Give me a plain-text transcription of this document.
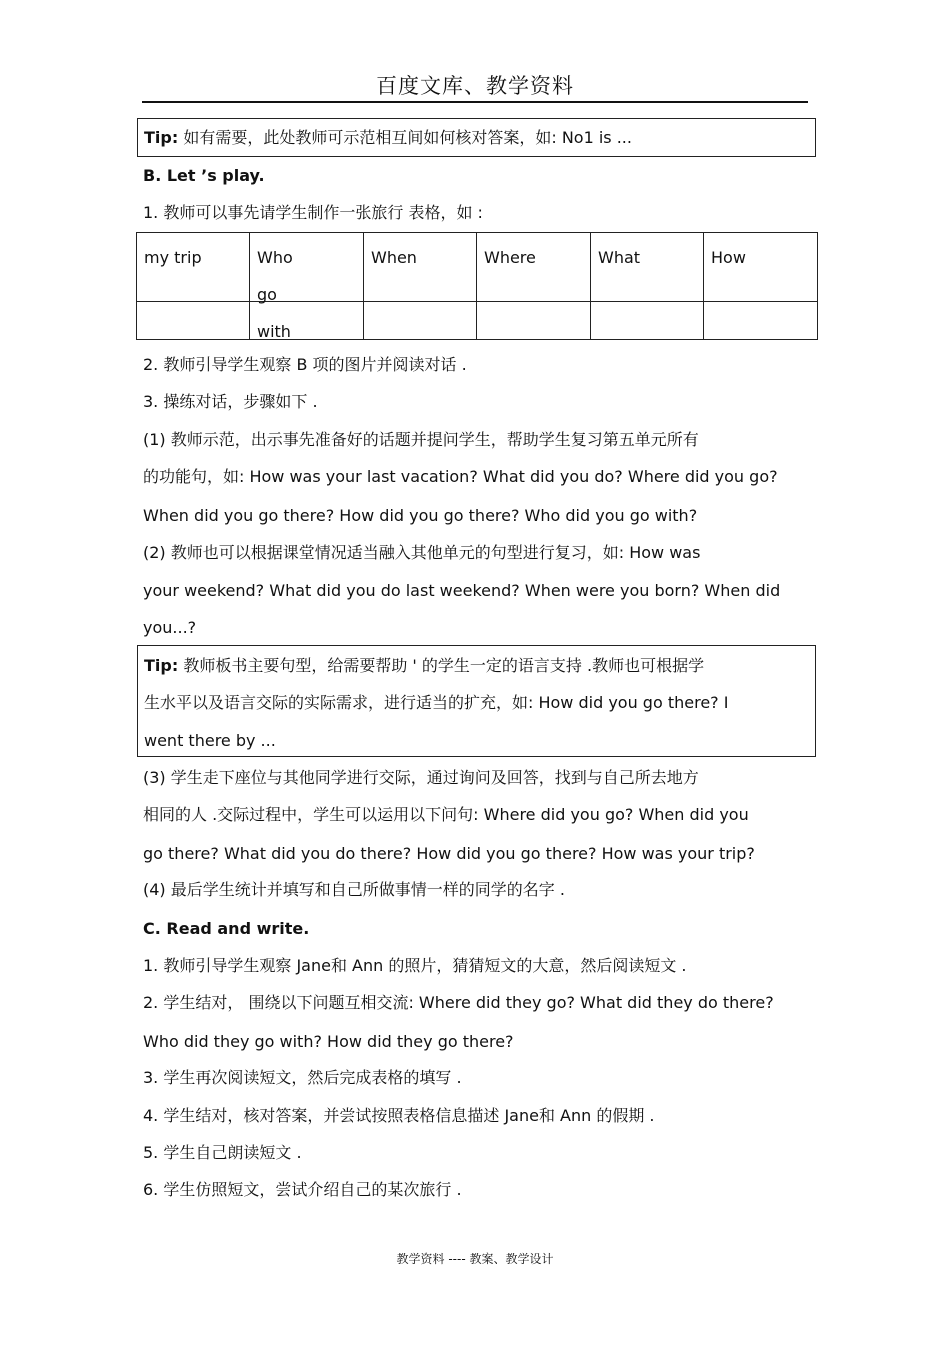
百度文库、教学资料
Tip: 如有需要，此处教师可示范相互间如何核对答案，如: No1 is ...
B. Let ’s play.
1. 教师可以事先请学生制作一张旅行 表格，如 :
my trip	Who go with	When	Where	What	How

2. 教师引导学生观察 B 项的图片并阅读对话 .
3. 操练对话，步骤如下 .
(1) 教师示范，出示事先准备好的话题并提问学生，帮助学生复习第五单元所有
的功能句，如: How was your last vacation? What did you do? Where did you go?
When did you go there? How did you go there? Who did you go with?
(2) 教师也可以根据课堂情况适当融入其他单元的句型进行复习，如: How was
your weekend? What did you do last weekend? When were you born? When did
you...?
Tip: 教师板书主要句型，给需要帮助 ' 的学生一定的语言支持 .教师也可根据学
生水平以及语言交际的实际需求，进行适当的扩充，如: How did you go there? I
went there by ...
(3) 学生走下座位与其他同学进行交际，通过询问及回答，找到与自己所去地方
相同的人 .交际过程中，学生可以运用以下问句: Where did you go? When did you
go there? What did you do there? How did you go there? How was your trip?
(4) 最后学生统计并填写和自己所做事情一样的同学的名字 .
C. Read and write.
1. 教师引导学生观察 Jane和 Ann 的照片，猜猜短文的大意，然后阅读短文 .
2. 学生结对， 围绕以下问题互相交流: Where did they go? What did they do there?
Who did they go with? How did they go there?
3. 学生再次阅读短文，然后完成表格的填写 .
4. 学生结对，核对答案，并尝试按照表格信息描述 Jane和 Ann 的假期 .
5. 学生自己朗读短文 .
6. 学生仿照短文，尝试介绍自己的某次旅行 .
教学资料 ---- 教案、教学设计
